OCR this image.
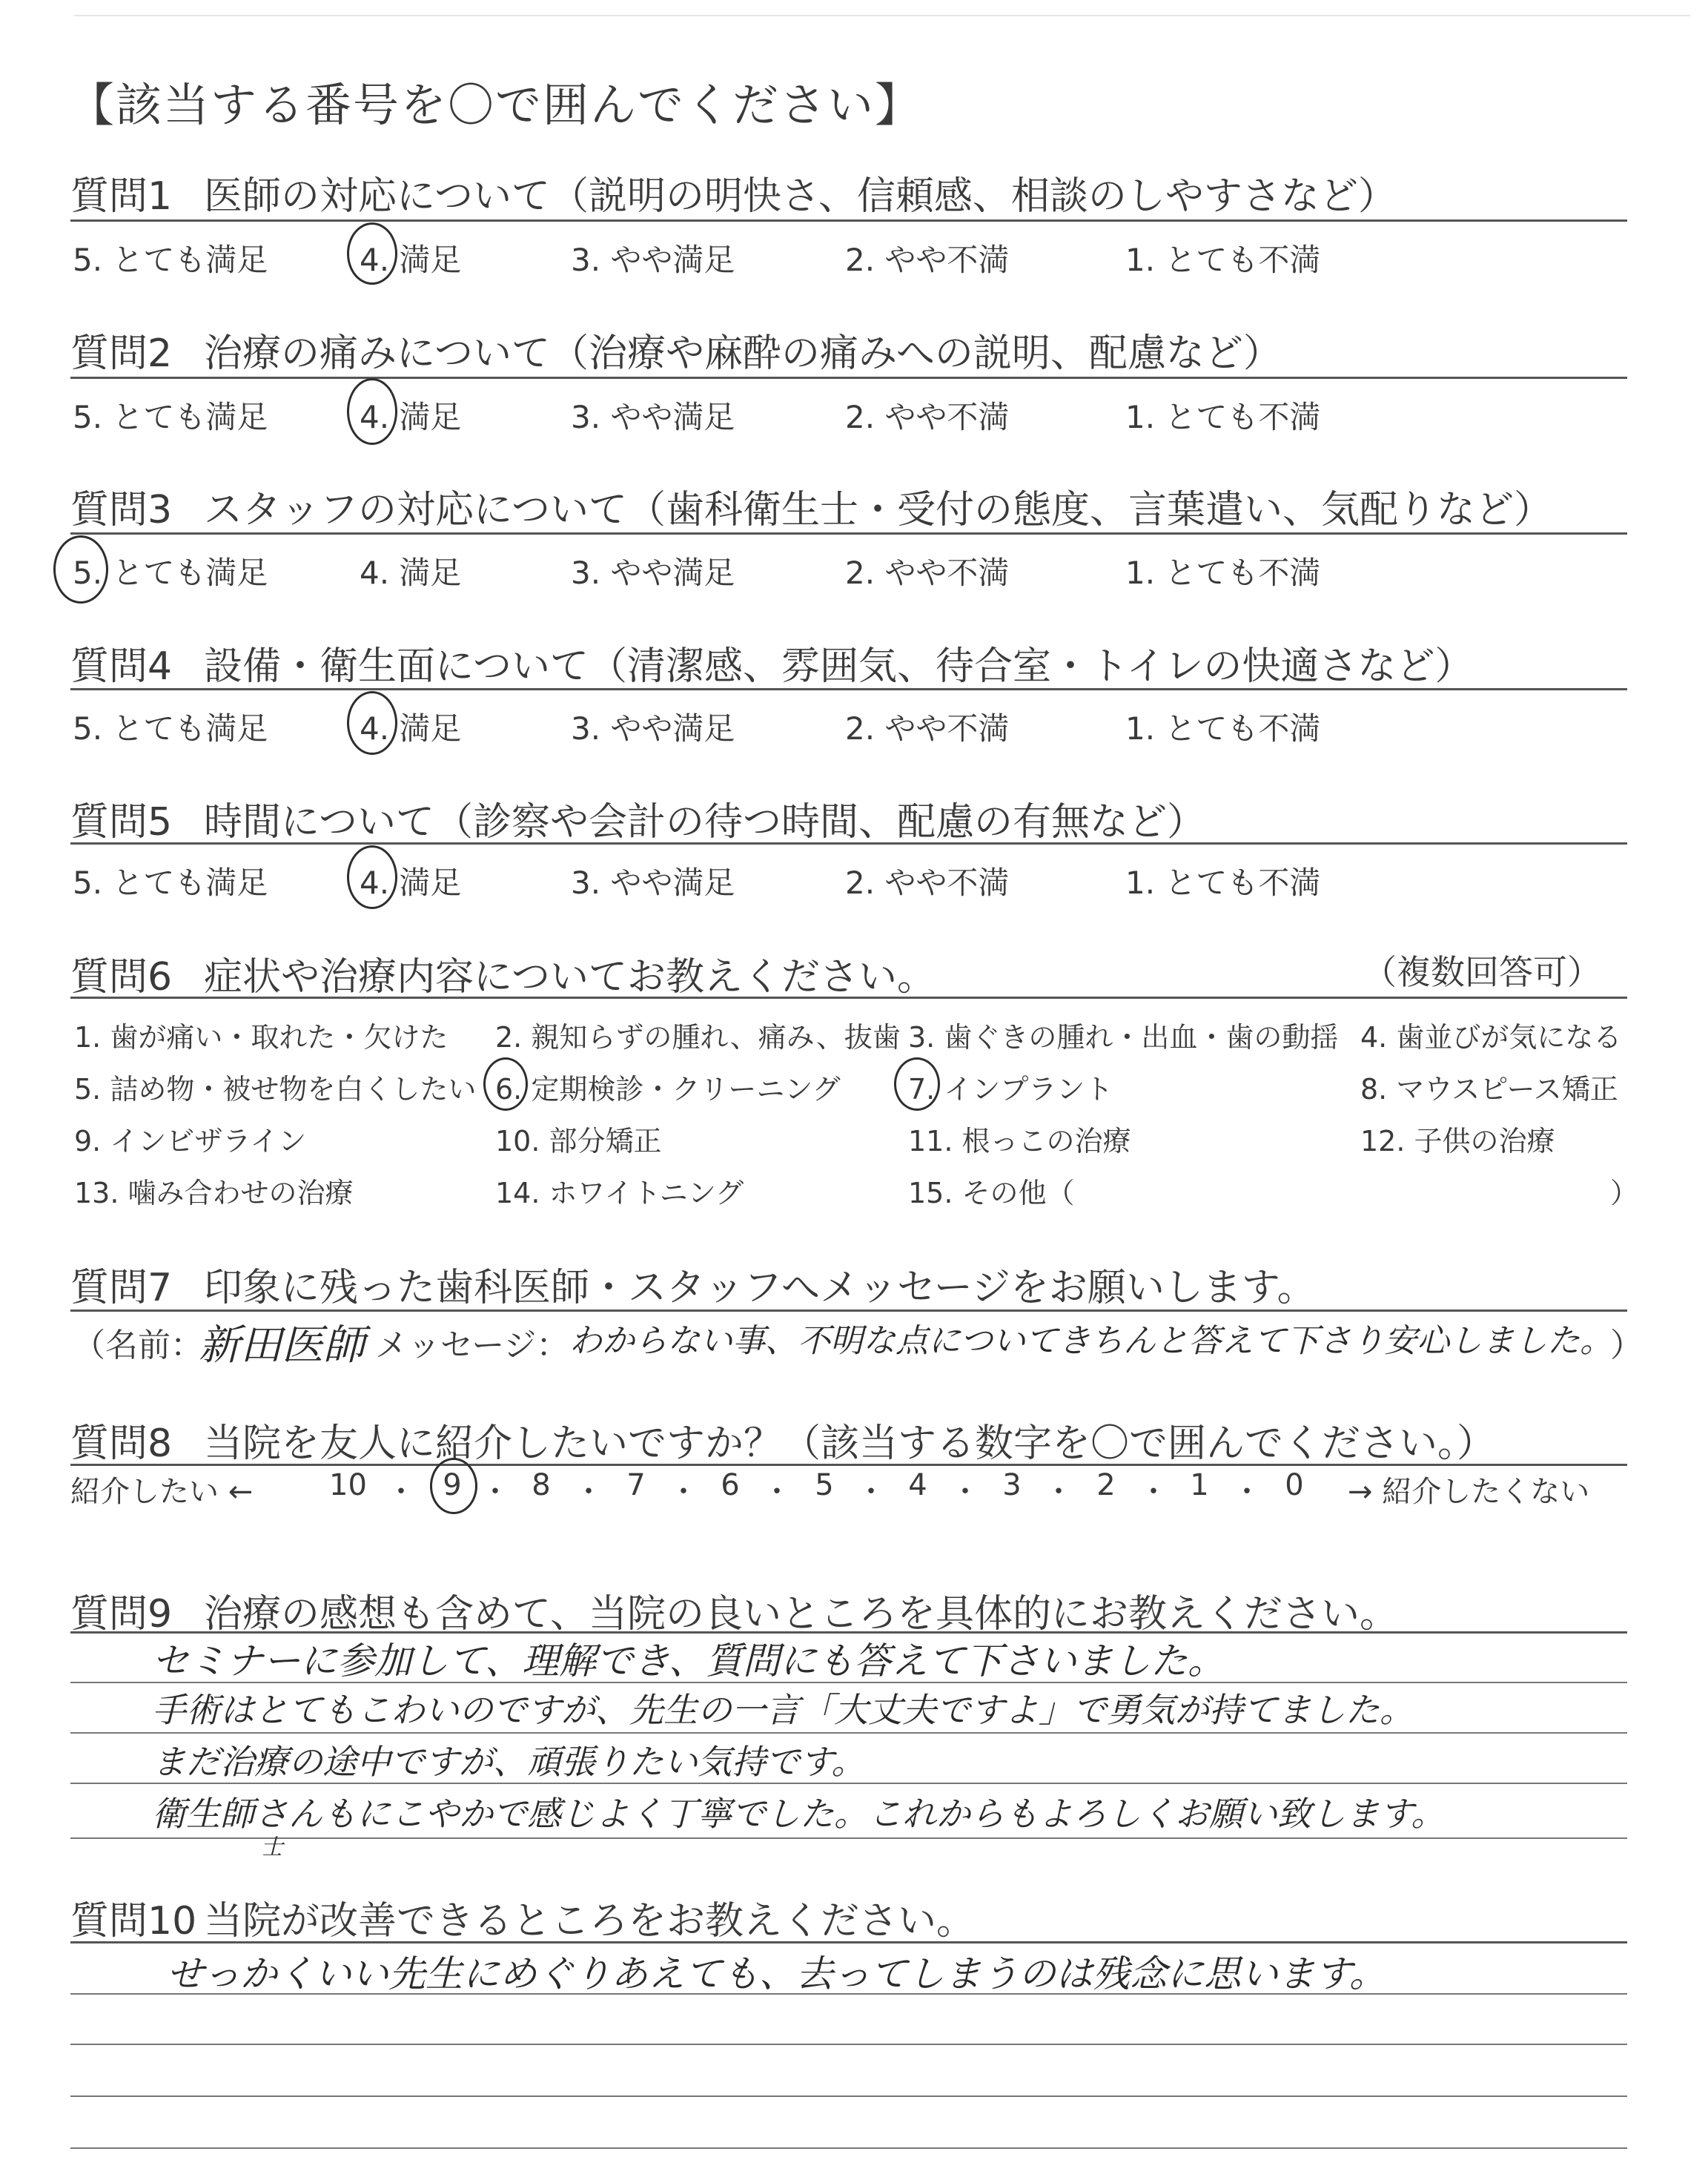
【該当する番号を〇で囲んでください】
質問1 医師の対応について（説明の明快さ、信頼感、相談のしやすさなど）
5. とても満足	4. 満足	3. やや満足	2. やや不満	1. とても不満
質問2 治療の痛みについて（治療や麻酔の痛みへの説明、配慮など）
5. とても満足	4. 満足	3. やや満足	2. やや不満	1. とても不満
質問3 スタッフの対応について（歯科衛生士・受付の態度、言葉遣い、気配りなど）
5. とても満足	4. 満足	3. やや満足	2. やや不満	1. とても不満
質問4 設備・衛生面について（清潔感、雰囲気、待合室・トイレの快適さなど）
5. とても満足	4. 満足	3. やや満足	2. やや不満	1. とても不満
質問5 時間について（診察や会計の待つ時間、配慮の有無など）
5. とても満足	4. 満足	3. やや満足	2. やや不満	1. とても不満
質問6 症状や治療内容についてお教えください。	（複数回答可）
1. 歯が痛い・取れた・欠けた 2. 親知らずの腫れ、痛み、抜歯 3. 歯ぐきの腫れ・出血・歯の動揺 4. 歯並びが気になる
5. 詰め物・被せ物を白くしたい 6. 定期検診・クリーニング 7. インプラント	8. マウスピース矯正
9. インビザライン	10. 部分矯正	11. 根っこの治療	12. 子供の治療
13. 噛み合わせの治療	14. ホワイトニング	15. その他（	）
質問7 印象に残った歯科医師・スタッフへメッセージをお願いします。
（名前：
新田医師 メッセージ： わからない事、不明な点についてきちんと答えて下さり安心しました。
）
質問8 当院を友人に紹介したいですか？（該当する数字を〇で囲んでください。）
紹介したい ←	→ 紹介したくない
10 ・ 9 ・ 8 ・ 7 ・ 6 ・ 5 ・ 4 ・ 3 ・ 2 ・ 1 ・ 0
質問9 治療の感想も含めて、当院の良いところを具体的にお教えください。
セミナーに参加して、理解でき、質問にも答えて下さいました。
手術はとてもこわいのですが、先生の一言「大丈夫ですよ」で勇気が持てました。
まだ治療の途中ですが、頑張りたい気持です。
衛生師さんもにこやかで感じよく丁寧でした。これからもよろしくお願い致します。
士
質問10 当院が改善できるところをお教えください。
せっかくいい先生にめぐりあえても、去ってしまうのは残念に思います。
